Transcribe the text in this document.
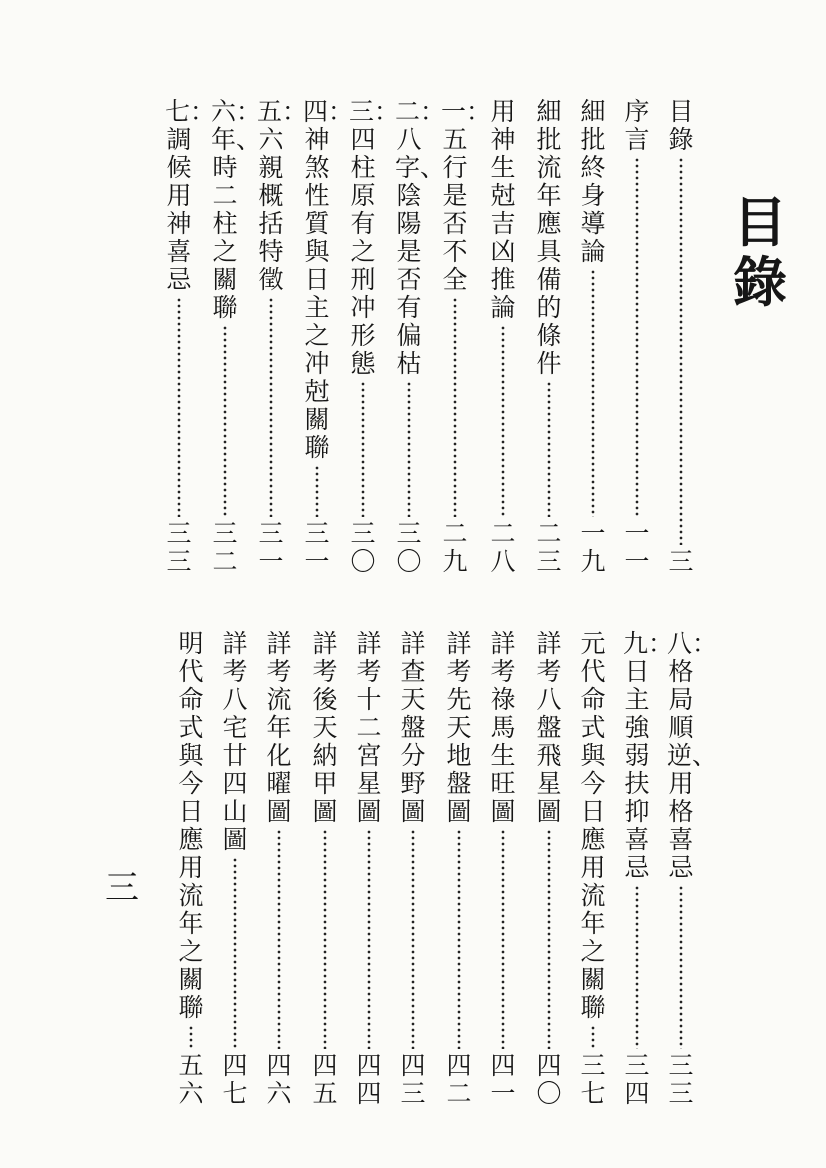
目錄
目錄
三
序言
一一
細批終身導論
一九
細批流年應具備的條件
二三
用神生尅吉凶推論
二八
一：五行是否不全
二九
二：八字、陰陽是否有偏枯
三〇
三：四柱原有之刑冲形態
三〇
四：神煞性質與日主之冲尅關聯
三一
五：六親概括特徵
三一
六：年、時二柱之關聯
三二
七：調候用神喜忌
三三
八：格局順逆、用格喜忌
三三
九：日主強弱扶抑喜忌
三四
元代命式與今日應用流年之關聯
三七
詳考八盤飛星圖
四〇
詳考祿馬生旺圖
四一
詳考先天地盤圖
四二
詳查天盤分野圖
四三
詳考十二宮星圖
四四
詳考後天納甲圖
四五
詳考流年化曜圖
四六
詳考八宅廿四山圖
四七
明代命式與今日應用流年之關聯
五六
三
